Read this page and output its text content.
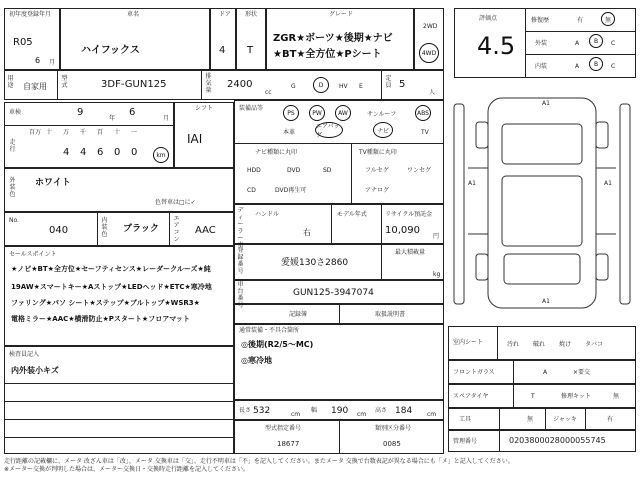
初年度登録年月
R05
6 月
車名
ハイフックス
ドア
4
形状
T
グレード
ZGR★ボーツ★後期★ナビ
★BT★全方位★Pシート
2WD
4WD
評価点
4.5
修復歴	有	無
外装	A B C
内装	A B C
用途 自家用
型式	3DF-GUN125
排気量
2400
cc
G	D	HV E
定員 5
人
車検	9
年
6
月
走行
百万 十 万 千 百 十 一
4 4 6 0 0	km
シフト
IAI
外装色
ホワイト
色替車は□に✓
No.
040
内装色
ブラック
エアコン
AAC
セールスポイント
★ノビ★BT★全方位★セーフティセンス★レーダークルーズ★純
19AW★スマートキー★Aストップ★LEDヘッド★ETC★寒冷地
ファリング★パソ シート★ステップ★ブルトップ★WSR3★
電格ミラー★AAC★横滑防止★Pスタート★フロアマット
検査員記入
内外装小キズ
装備品等
PS	PW	AW	サンルーフ	ABS
本革
エアバッグ
ナビ	TV
ナビ種類に丸印
HDD	DVD	SD
CD	DVD再生可
TV種類に丸印
フルセグ	ワンセグ
アナログ
ディーラー車
ハンドル
右
モデル年式	リサイクル預託金
10,090
円
登録番号
愛媛130さ2860
最大積載量
kg
車台番号
GUN125-3947074
記録簿	取扱説明書
通常装備・不具合箇所
◎後期(R2/5〜MC)
◎寒冷地
長さ 532	cm
幅 190 cm
高さ 184 cm
型式指定番号
18677
類別区分番号
0085
A1
A1	A1
A1
室内シート	汚れ 破れ 焼け タバコ
フロントガラス	A	×要交
スペアタイヤ	T	修理キット	無
工具	無	ジャッキ	有
管理番号	0203800028000055745
走行距離の記載欄に、メータ 改ざん車は「改」、メータ 交換車は「交」、走行不明車は「不」を記入してください。またメータ 交換で台数表記が異なる場合にも「メ」と記入してください。
※メーター交換が判明した場合は、メーター交換日・交換時走行距離を記入してください。
